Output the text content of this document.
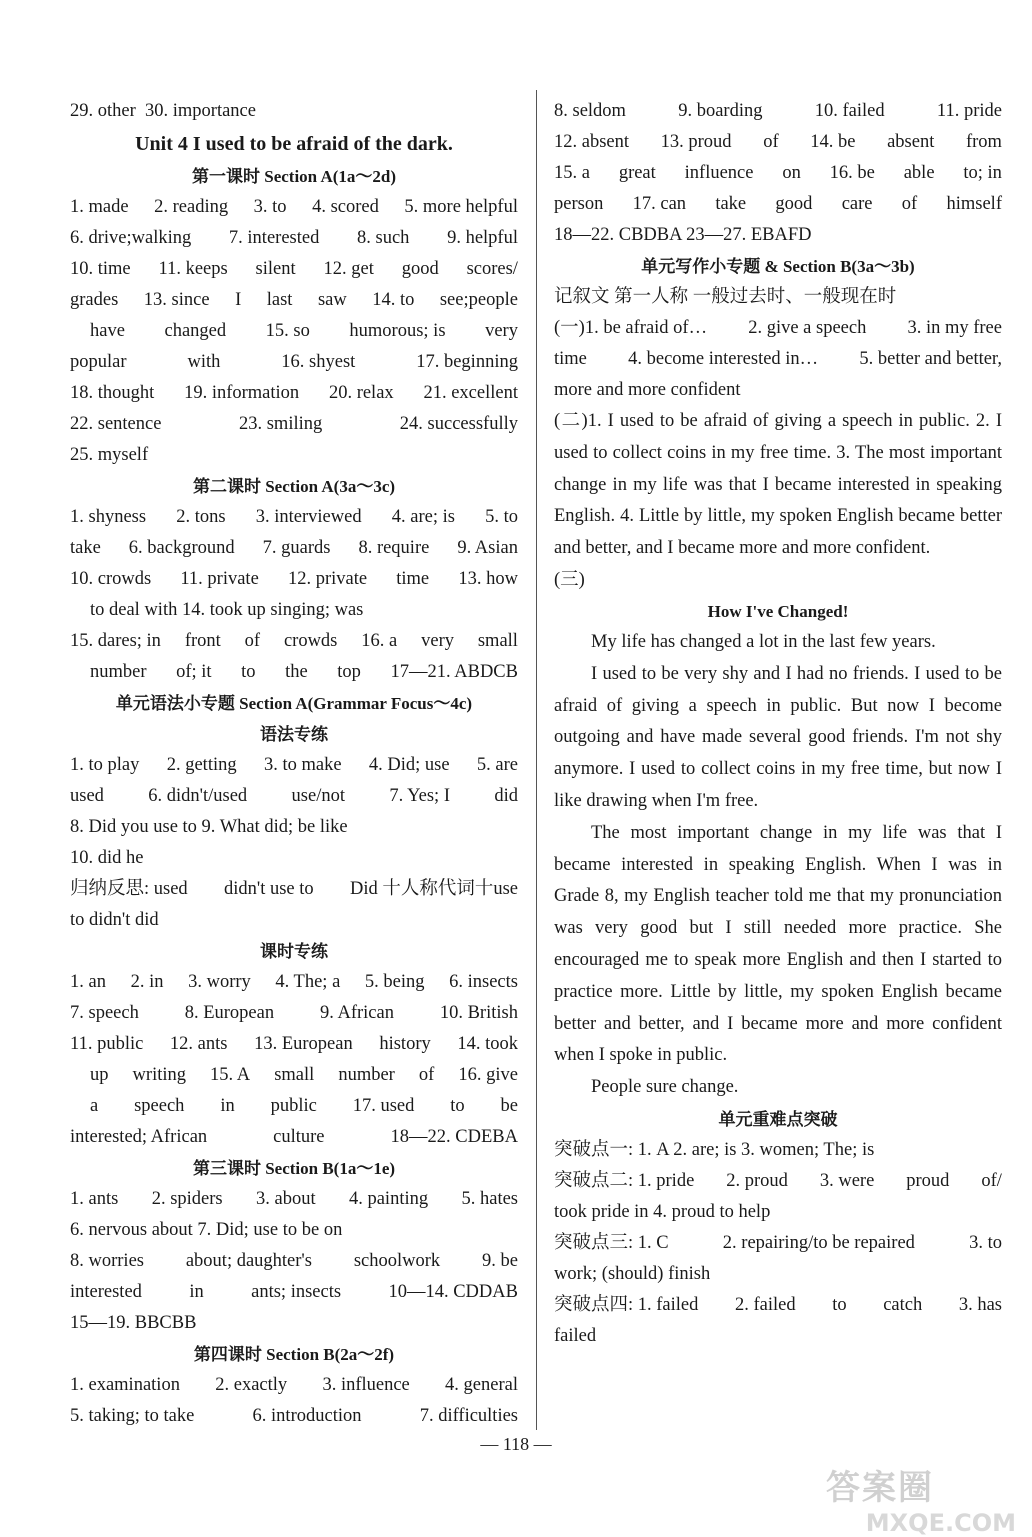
29. other  30. importance
Unit 4 I used to be afraid of the dark.
第一课时 Section A(1a～2d)
1. made 2. reading 3. to 4. scored 5. more helpful
6. drive;walking 7. interested 8. such 9. helpful
10. time 11. keeps silent 12. get good scores/
grades 13. since I last saw 14. to see;people
have changed 15. so humorous; is very
popular	with	16. shyest	17. beginning
18. thought 19. information 20. relax 21. excellent
22. sentence	23. smiling	24. successfully
25. myself
第二课时 Section A(3a～3c)
1. shyness 2. tons 3. interviewed 4. are; is 5. to
take 6. background 7. guards 8. require 9. Asian
10. crowds 11. private 12. private time 13. how
to deal with 14. took up singing; was
15. dares; in front of crowds 16. a very small
number of; it to the top 17—21. ABDCB
单元语法小专题 Section A(Grammar Focus～4c)
语法专练
1. to play 2. getting 3. to make 4. Did; use 5. are
used 6. didn't/used use/not 7. Yes; I did
8. Did you use to 9. What did; be like
10. did he
归纳反思: used didn't use to Did 十人称代词十use
to didn't did
课时专练
1. an 2. in 3. worry 4. The; a 5. being 6. insects
7. speech 8. European 9. African 10. British
11. public 12. ants 13. European history 14. took
up writing 15. A small number of 16. give
a speech in public 17. used to be
interested; African	culture	18—22. CDEBA
第三课时 Section B(1a～1e)
1. ants 2. spiders 3. about 4. painting 5. hates
6. nervous about 7. Did; use to be on
8. worries about; daughter's schoolwork 9. be
interested	in	ants; insects	10—14. CDDAB
15—19. BBCBB
第四课时 Section B(2a～2f)
1. examination 2. exactly 3. influence 4. general
5. taking; to take	6. introduction	7. difficulties
8. seldom	9. boarding	10. failed	11. pride
12. absent 13. proud of 14. be absent from
15. a great influence on 16. be able to; in
person 17. can take good care of himself
18—22. CBDBA 23—27. EBAFD
单元写作小专题 & Section B(3a～3b)
记叙文 第一人称 一般过去时、一般现在时
(一)1. be afraid of… 2. give a speech 3. in my free
time 4. become interested in… 5. better and better,
more and more confident
(二)1. I used to be afraid of giving a speech in public. 2. I used to collect coins in my free time. 3. The most important change in my life was that I became interested in speaking English. 4. Little by little, my spoken English became better and better, and I became more and more confident.
(三)
How I've Changed!
My life has changed a lot in the last few years.
I used to be very shy and I had no friends. I used to be afraid of giving a speech in public. But now I become outgoing and have made several good friends. I'm not shy anymore. I used to collect coins in my free time, but now I like drawing when I'm free.
The most important change in my life was that I became interested in speaking English. When I was in Grade 8, my English teacher told me that my pronunciation was very good but I still needed more practice. She encouraged me to speak more English and then I started to practice more. Little by little, my spoken English became better and better, and I became more and more confident when I spoke in public.
People sure change.
单元重难点突破
突破点一: 1. A 2. are; is 3. women; The; is
突破点二: 1. pride 2. proud 3. were proud of/
took pride in 4. proud to help
突破点三: 1. C	2. repairing/to be repaired	3. to
work; (should) finish
突破点四: 1. failed 2. failed to catch 3. has
failed
— 118 —
答案圈
MXQE.COM
